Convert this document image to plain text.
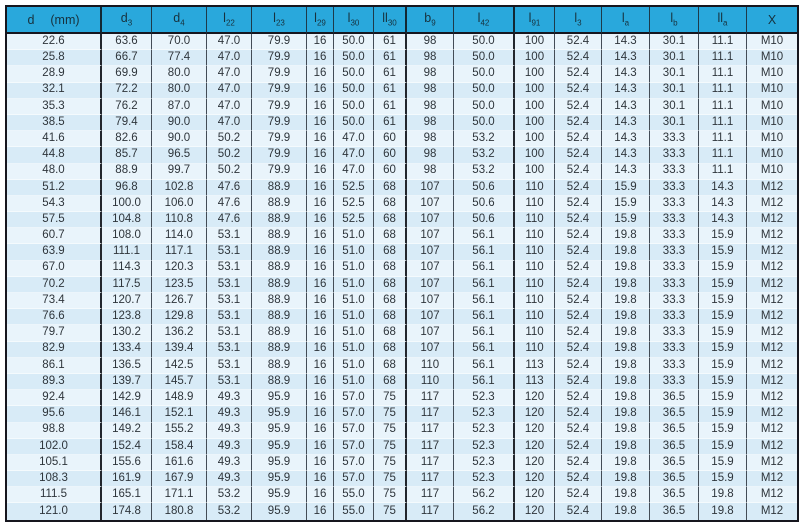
d (mm)	$d_3$	$d_4$	$l_{22}$	$l_{23}$	$l_{29}$	$l_{30}$	$ll_{30}$	$b_9$	$l_{42}$	$l_{91}$	$l_3$	$l_a$	$l_b$	$ll_a$	X
22.6	63.6	70.0	47.0	79.9	16	50.0	61	98	50.0	100	52.4	14.3	30.1	11.1	M10
25.8	66.7	77.4	47.0	79.9	16	50.0	61	98	50.0	100	52.4	14.3	30.1	11.1	M10
28.9	69.9	80.0	47.0	79.9	16	50.0	61	98	50.0	100	52.4	14.3	30.1	11.1	M10
32.1	72.2	80.0	47.0	79.9	16	50.0	61	98	50.0	100	52.4	14.3	30.1	11.1	M10
35.3	76.2	87.0	47.0	79.9	16	50.0	61	98	50.0	100	52.4	14.3	30.1	11.1	M10
38.5	79.4	90.0	47.0	79.9	16	50.0	61	98	50.0	100	52.4	14.3	30.1	11.1	M10
41.6	82.6	90.0	50.2	79.9	16	47.0	60	98	53.2	100	52.4	14.3	33.3	11.1	M10
44.8	85.7	96.5	50.2	79.9	16	47.0	60	98	53.2	100	52.4	14.3	33.3	11.1	M10
48.0	88.9	99.7	50.2	79.9	16	47.0	60	98	53.2	100	52.4	14.3	33.3	11.1	M10
51.2	96.8	102.8	47.6	88.9	16	52.5	68	107	50.6	110	52.4	15.9	33.3	14.3	M12
54.3	100.0	106.0	47.6	88.9	16	52.5	68	107	50.6	110	52.4	15.9	33.3	14.3	M12
57.5	104.8	110.8	47.6	88.9	16	52.5	68	107	50.6	110	52.4	15.9	33.3	14.3	M12
60.7	108.0	114.0	53.1	88.9	16	51.0	68	107	56.1	110	52.4	19.8	33.3	15.9	M12
63.9	111.1	117.1	53.1	88.9	16	51.0	68	107	56.1	110	52.4	19.8	33.3	15.9	M12
67.0	114.3	120.3	53.1	88.9	16	51.0	68	107	56.1	110	52.4	19.8	33.3	15.9	M12
70.2	117.5	123.5	53.1	88.9	16	51.0	68	107	56.1	110	52.4	19.8	33.3	15.9	M12
73.4	120.7	126.7	53.1	88.9	16	51.0	68	107	56.1	110	52.4	19.8	33.3	15.9	M12
76.6	123.8	129.8	53.1	88.9	16	51.0	68	107	56.1	110	52.4	19.8	33.3	15.9	M12
79.7	130.2	136.2	53.1	88.9	16	51.0	68	107	56.1	110	52.4	19.8	33.3	15.9	M12
82.9	133.4	139.4	53.1	88.9	16	51.0	68	107	56.1	110	52.4	19.8	33.3	15.9	M12
86.1	136.5	142.5	53.1	88.9	16	51.0	68	110	56.1	113	52.4	19.8	33.3	15.9	M12
89.3	139.7	145.7	53.1	88.9	16	51.0	68	110	56.1	113	52.4	19.8	33.3	15.9	M12
92.4	142.9	148.9	49.3	95.9	16	57.0	75	117	52.3	120	52.4	19.8	36.5	15.9	M12
95.6	146.1	152.1	49.3	95.9	16	57.0	75	117	52.3	120	52.4	19.8	36.5	15.9	M12
98.8	149.2	155.2	49.3	95.9	16	57.0	75	117	52.3	120	52.4	19.8	36.5	15.9	M12
102.0	152.4	158.4	49.3	95.9	16	57.0	75	117	52.3	120	52.4	19.8	36.5	15.9	M12
105.1	155.6	161.6	49.3	95.9	16	57.0	75	117	52.3	120	52.4	19.8	36.5	15.9	M12
108.3	161.9	167.9	49.3	95.9	16	57.0	75	117	52.3	120	52.4	19.8	36.5	15.9	M12
111.5	165.1	171.1	53.2	95.9	16	55.0	75	117	56.2	120	52.4	19.8	36.5	19.8	M12
121.0	174.8	180.8	53.2	95.9	16	55.0	75	117	56.2	120	52.4	19.8	36.5	19.8	M12
